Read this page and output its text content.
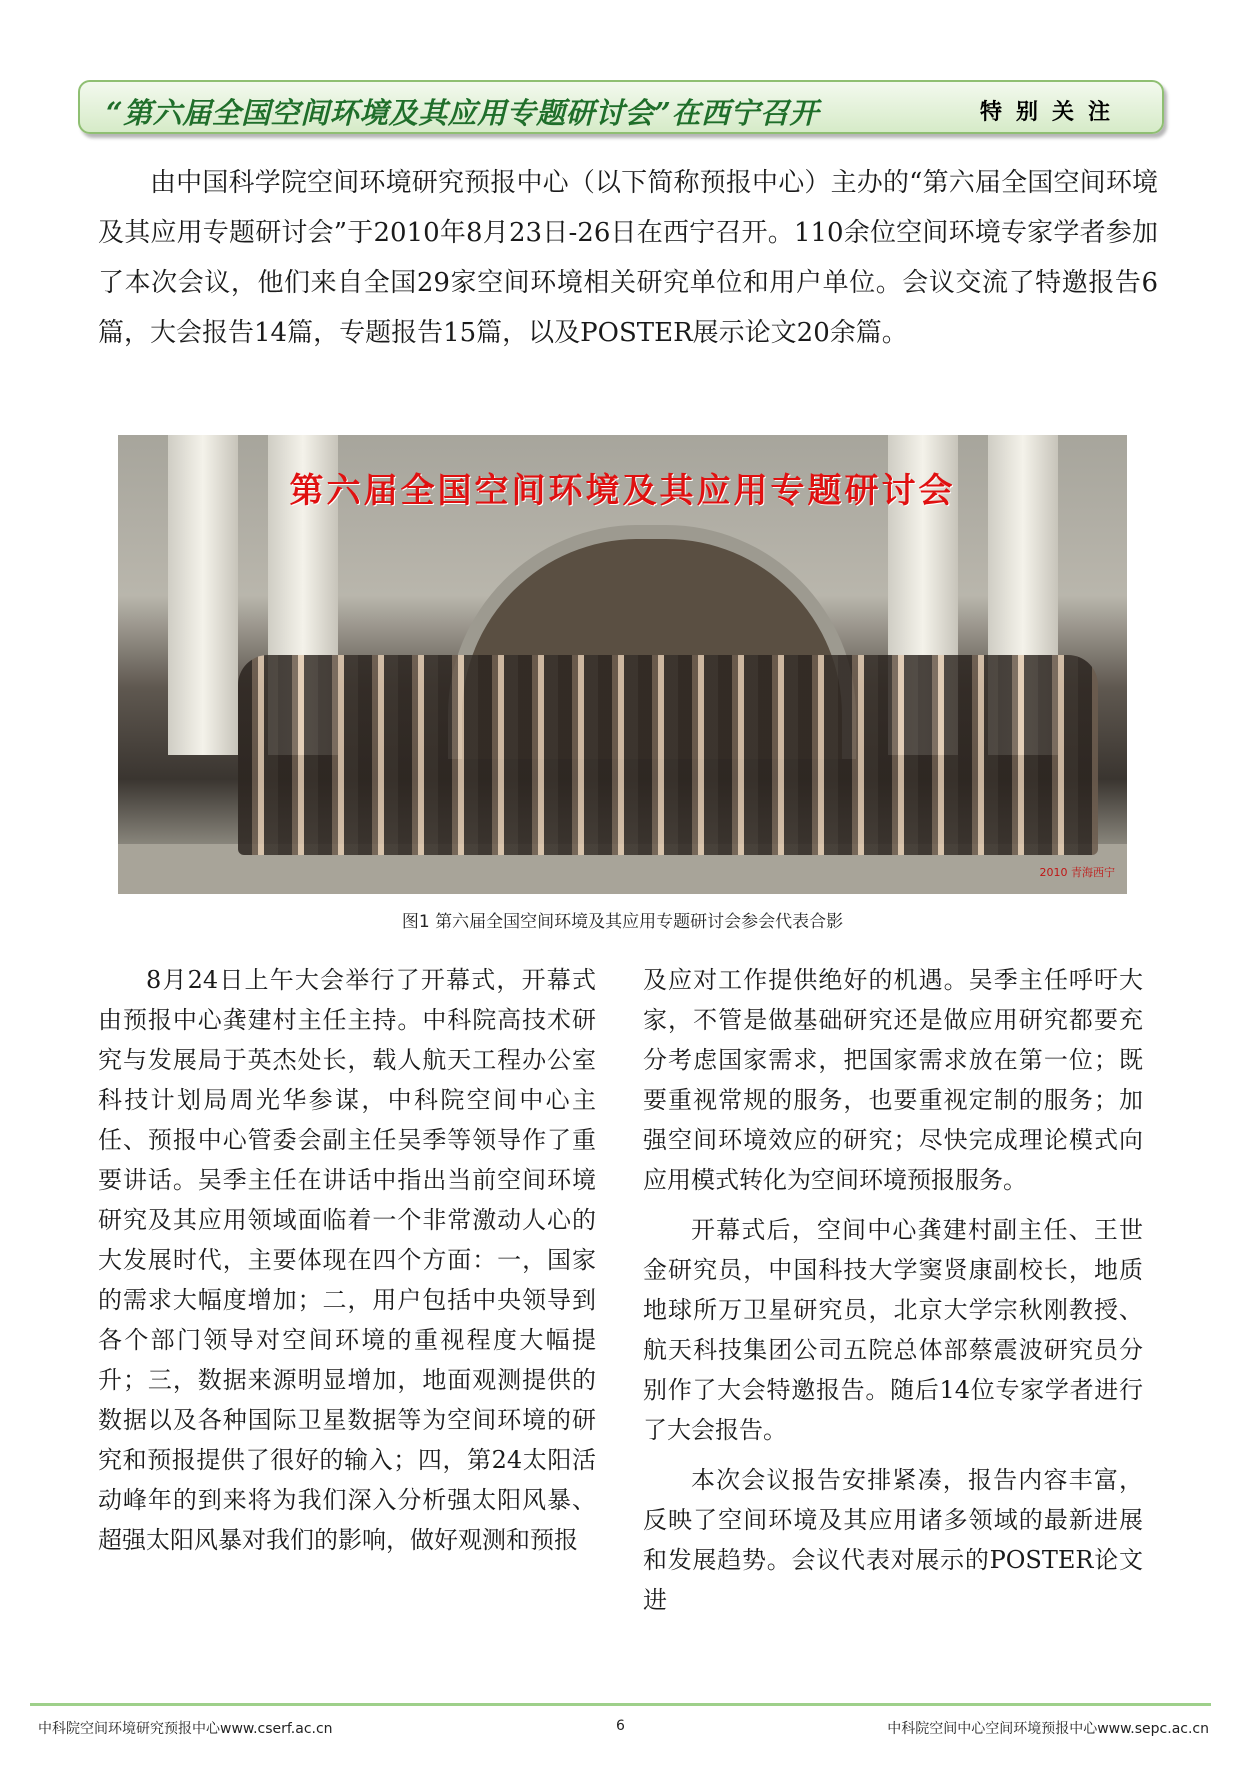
“第六届全国空间环境及其应用专题研讨会”在西宁召开	特别关注

由中国科学院空间环境研究预报中心（以下简称预报中心）主办的“第六届全国空间环境及其应用专题研讨会”于2010年8月23日-26日在西宁召开。110余位空间环境专家学者参加了本次会议，他们来自全国29家空间环境相关研究单位和用户单位。会议交流了特邀报告6篇，大会报告14篇，专题报告15篇，以及POSTER展示论文20余篇。

第六届全国空间环境及其应用专题研讨会
2010 青海西宁
图1 第六届全国空间环境及其应用专题研讨会参会代表合影

8月24日上午大会举行了开幕式，开幕式由预报中心龚建村主任主持。中科院高技术研究与发展局于英杰处长，载人航天工程办公室科技计划局周光华参谋，中科院空间中心主任、预报中心管委会副主任吴季等领导作了重要讲话。吴季主任在讲话中指出当前空间环境研究及其应用领域面临着一个非常激动人心的大发展时代，主要体现在四个方面：一，国家的需求大幅度增加；二，用户包括中央领导到各个部门领导对空间环境的重视程度大幅提升；三，数据来源明显增加，地面观测提供的数据以及各种国际卫星数据等为空间环境的研究和预报提供了很好的输入；四，第24太阳活动峰年的到来将为我们深入分析强太阳风暴、超强太阳风暴对我们的影响，做好观测和预报

及应对工作提供绝好的机遇。吴季主任呼吁大家，不管是做基础研究还是做应用研究都要充分考虑国家需求，把国家需求放在第一位；既要重视常规的服务，也要重视定制的服务；加强空间环境效应的研究；尽快完成理论模式向应用模式转化为空间环境预报服务。

开幕式后，空间中心龚建村副主任、王世金研究员，中国科技大学窦贤康副校长，地质地球所万卫星研究员，北京大学宗秋刚教授、航天科技集团公司五院总体部蔡震波研究员分别作了大会特邀报告。随后14位专家学者进行了大会报告。

本次会议报告安排紧凑，报告内容丰富，反映了空间环境及其应用诸多领域的最新进展和发展趋势。会议代表对展示的POSTER论文进

中科院空间环境研究预报中心www.cserf.ac.cn	6	中科院空间中心空间环境预报中心www.sepc.ac.cn
